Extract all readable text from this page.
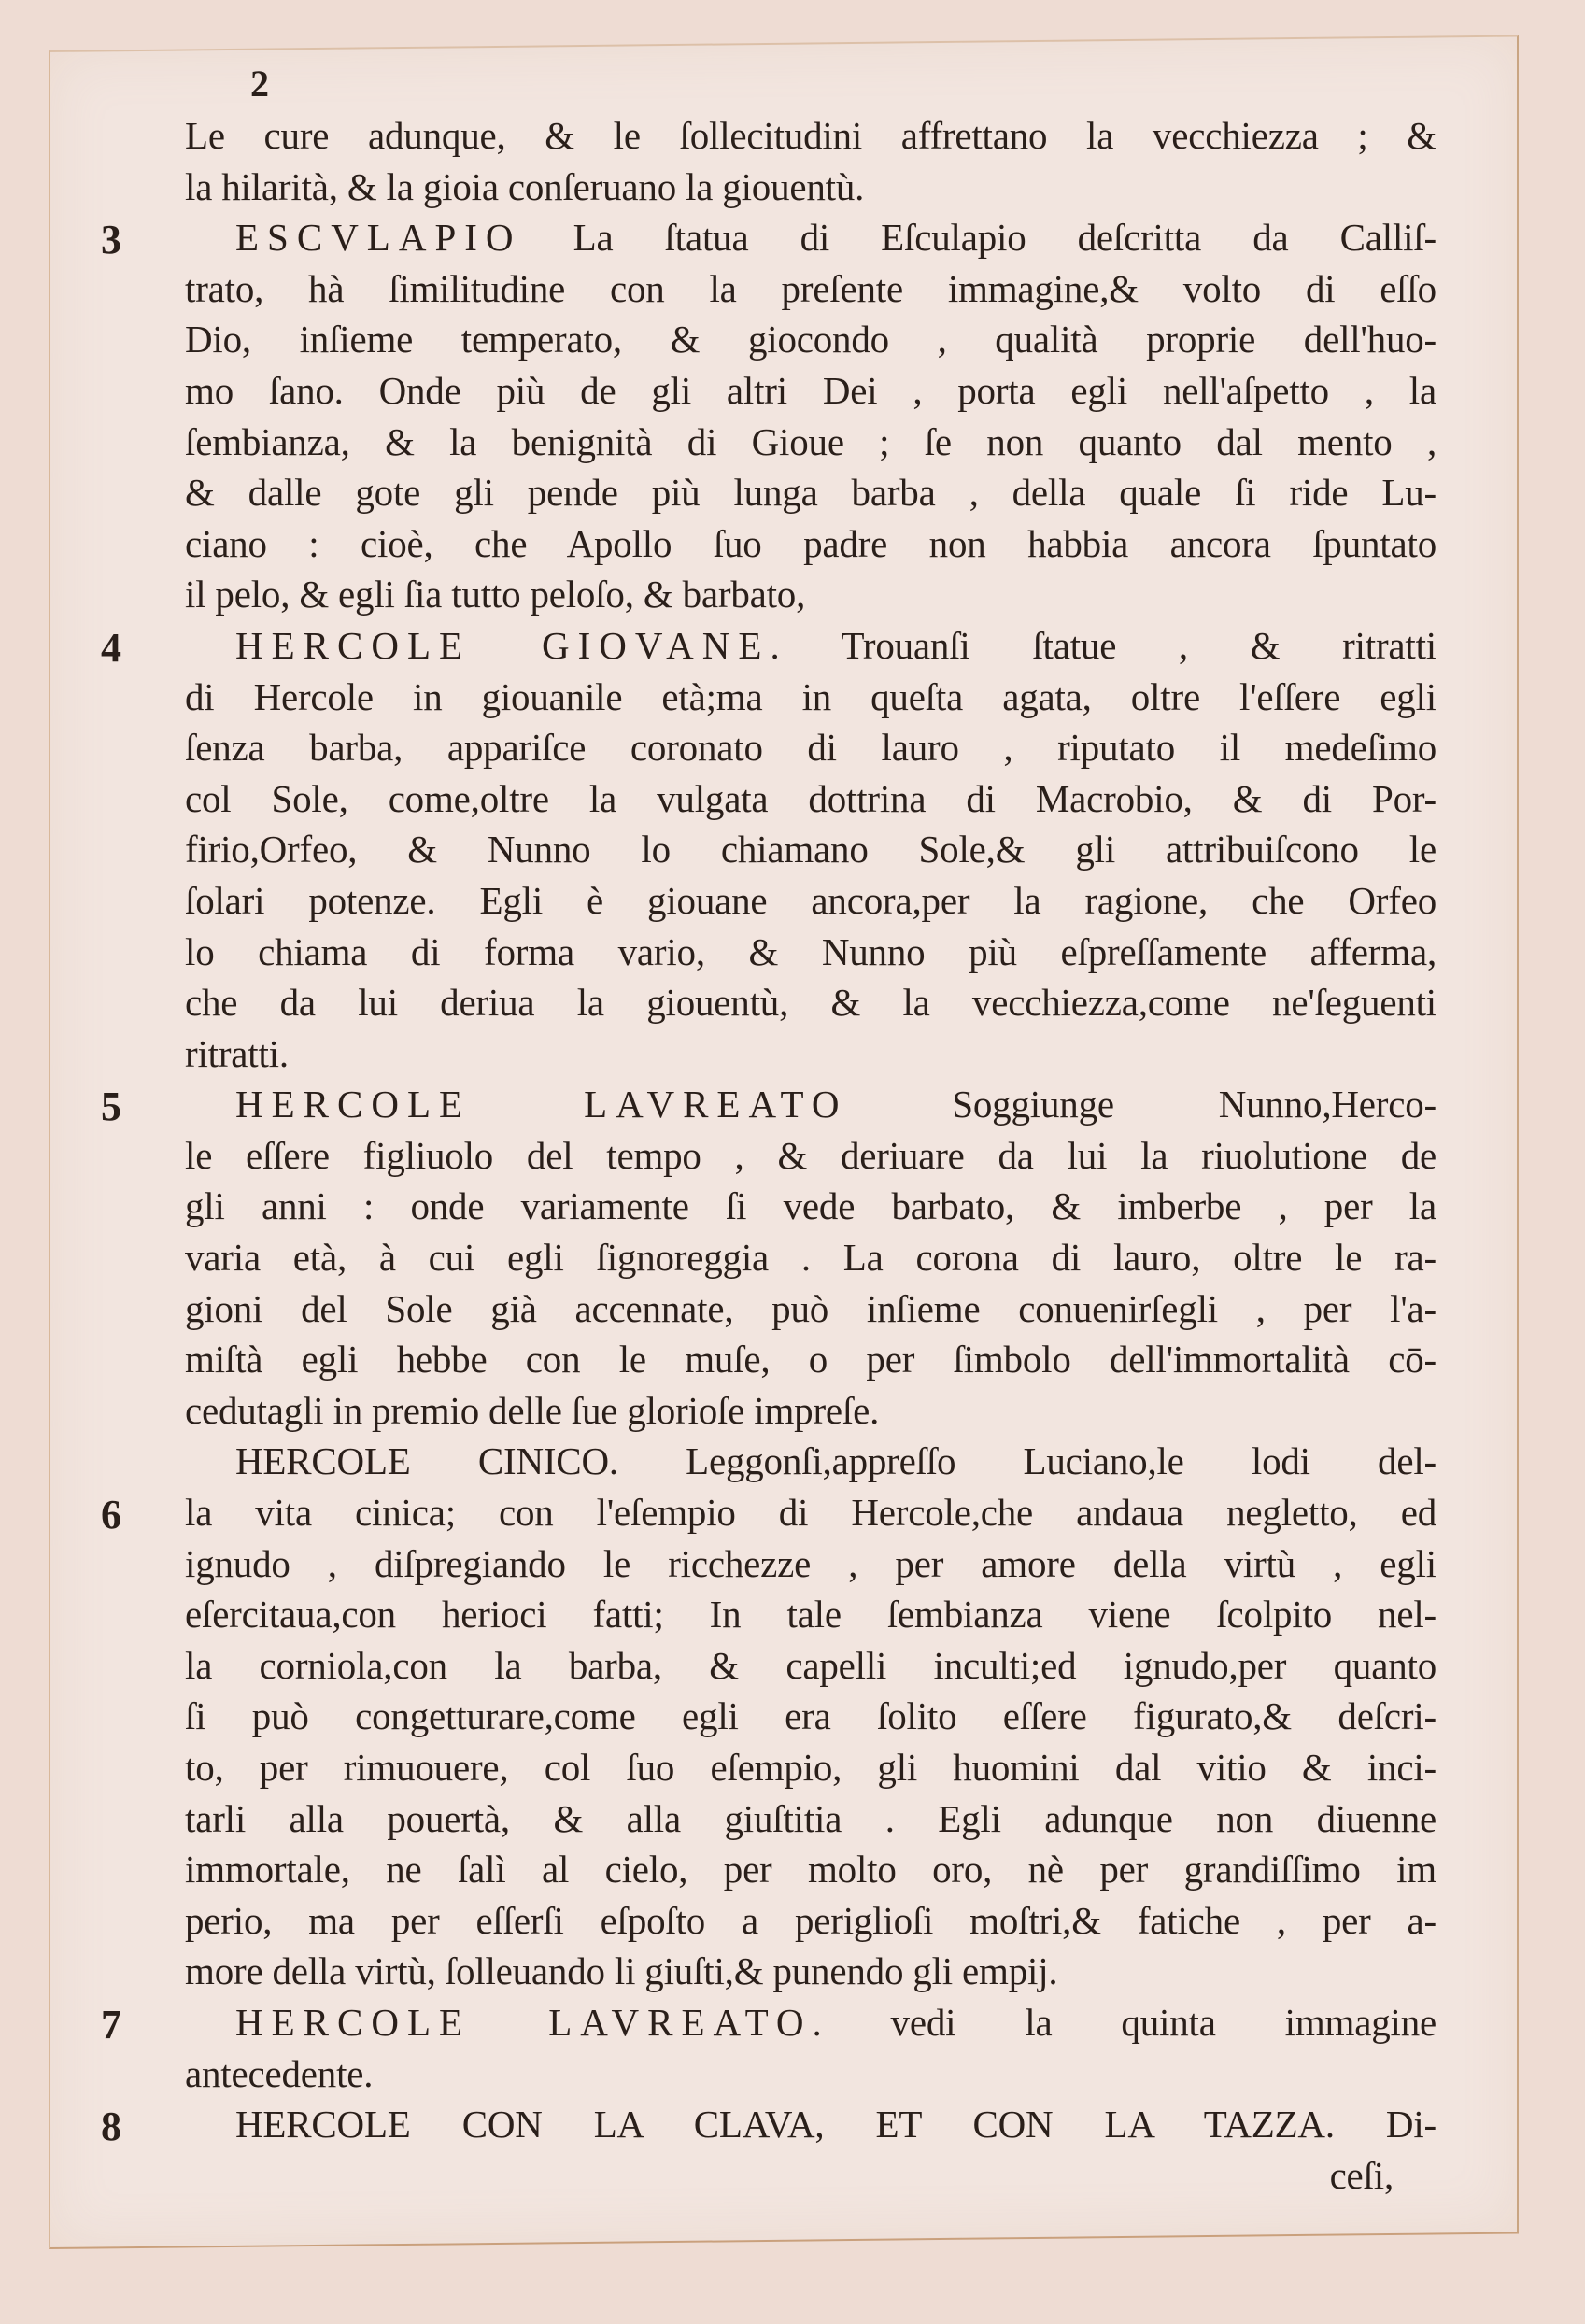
2
3
4
5
6
7
8
Le cure adunque, & le ſollecitudini affrettano la vecchiezza ; &
la hilarità, & la gioia conſeruano la giouentù.
ESCVLAPIO La ſtatua di Eſculapio deſcritta da Calliſ-
trato, hà ſimilitudine con la preſente immagine,& volto di eſſo
Dio, inſieme temperato, & giocondo , qualità proprie dell'huo-
mo ſano. Onde più de gli altri Dei , porta egli nell'aſpetto , la
ſembianza, & la benignità di Gioue ; ſe non quanto dal mento ,
& dalle gote gli pende più lunga barba , della quale ſi ride Lu-
ciano : cioè, che Apollo ſuo padre non habbia ancora ſpuntato
il pelo, & egli ſia tutto peloſo, & barbato,
HERCOLE GIOVANE. Trouanſi ſtatue , & ritratti
di Hercole in giouanile età;ma in queſta agata, oltre l'eſſere egli
ſenza barba, appariſce coronato di lauro , riputato il medeſimo
col Sole, come,oltre la vulgata dottrina di Macrobio, & di Por-
firio,Orfeo, & Nunno lo chiamano Sole,& gli attribuiſcono le
ſolari potenze. Egli è giouane ancora,per la ragione, che Orfeo
lo chiama di forma vario, & Nunno più eſpreſſamente afferma,
che da lui deriua la giouentù, & la vecchiezza,come ne'ſeguenti
ritratti.
HERCOLE LAVREATO Soggiunge Nunno,Herco-
le eſſere figliuolo del tempo , & deriuare da lui la riuolutione de
gli anni : onde variamente ſi vede barbato, & imberbe , per la
varia età, à cui egli ſignoreggia . La corona di lauro, oltre le ra-
gioni del Sole già accennate, può inſieme conuenirſegli , per l'a-
miſtà egli hebbe con le muſe, o per ſimbolo dell'immortalità cō-
cedutagli in premio delle ſue glorioſe impreſe.
HERCOLE CINICO. Leggonſi,appreſſo Luciano,le lodi del-
la vita cinica; con l'eſempio di Hercole,che andaua negletto, ed
ignudo , diſpregiando le ricchezze , per amore della virtù , egli
eſercitaua,con herioci fatti; In tale ſembianza viene ſcolpito nel-
la corniola,con la barba, & capelli inculti;ed ignudo,per quanto
ſi può congetturare,come egli era ſolito eſſere figurato,& deſcri-
to, per rimuouere, col ſuo eſempio, gli huomini dal vitio & inci-
tarli alla pouertà, & alla giuſtitia . Egli adunque non diuenne
immortale, ne ſalì al cielo, per molto oro, nè per grandiſſimo im
perio, ma per eſſerſi eſpoſto a periglioſi moſtri,& fatiche , per a-
more della virtù, ſolleuando li giuſti,& punendo gli empij.
HERCOLE LAVREATO. vedi la quinta immagine
antecedente.
HERCOLE CON LA CLAVA, ET CON LA TAZZA. Di-
ceſi,
